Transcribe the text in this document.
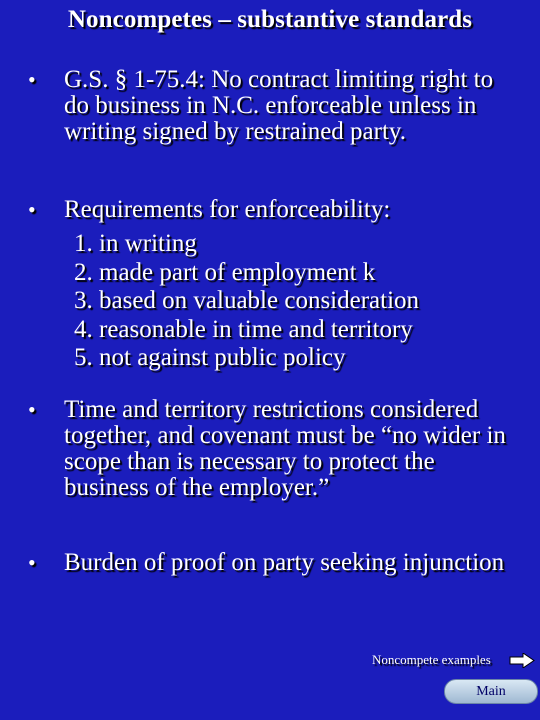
Noncompetes – substantive standards
• G.S. § 1-75.4: No contract limiting right to do business in N.C. enforceable unless in writing signed by restrained party.
• Requirements for enforceability:
1. in writing
2. made part of employment k
3. based on valuable consideration
4. reasonable in time and territory
5. not against public policy
• Time and territory restrictions considered together, and covenant must be “no wider in scope than is necessary to protect the business of the employer.”
• Burden of proof on party seeking injunction
Noncompete examples
Main
